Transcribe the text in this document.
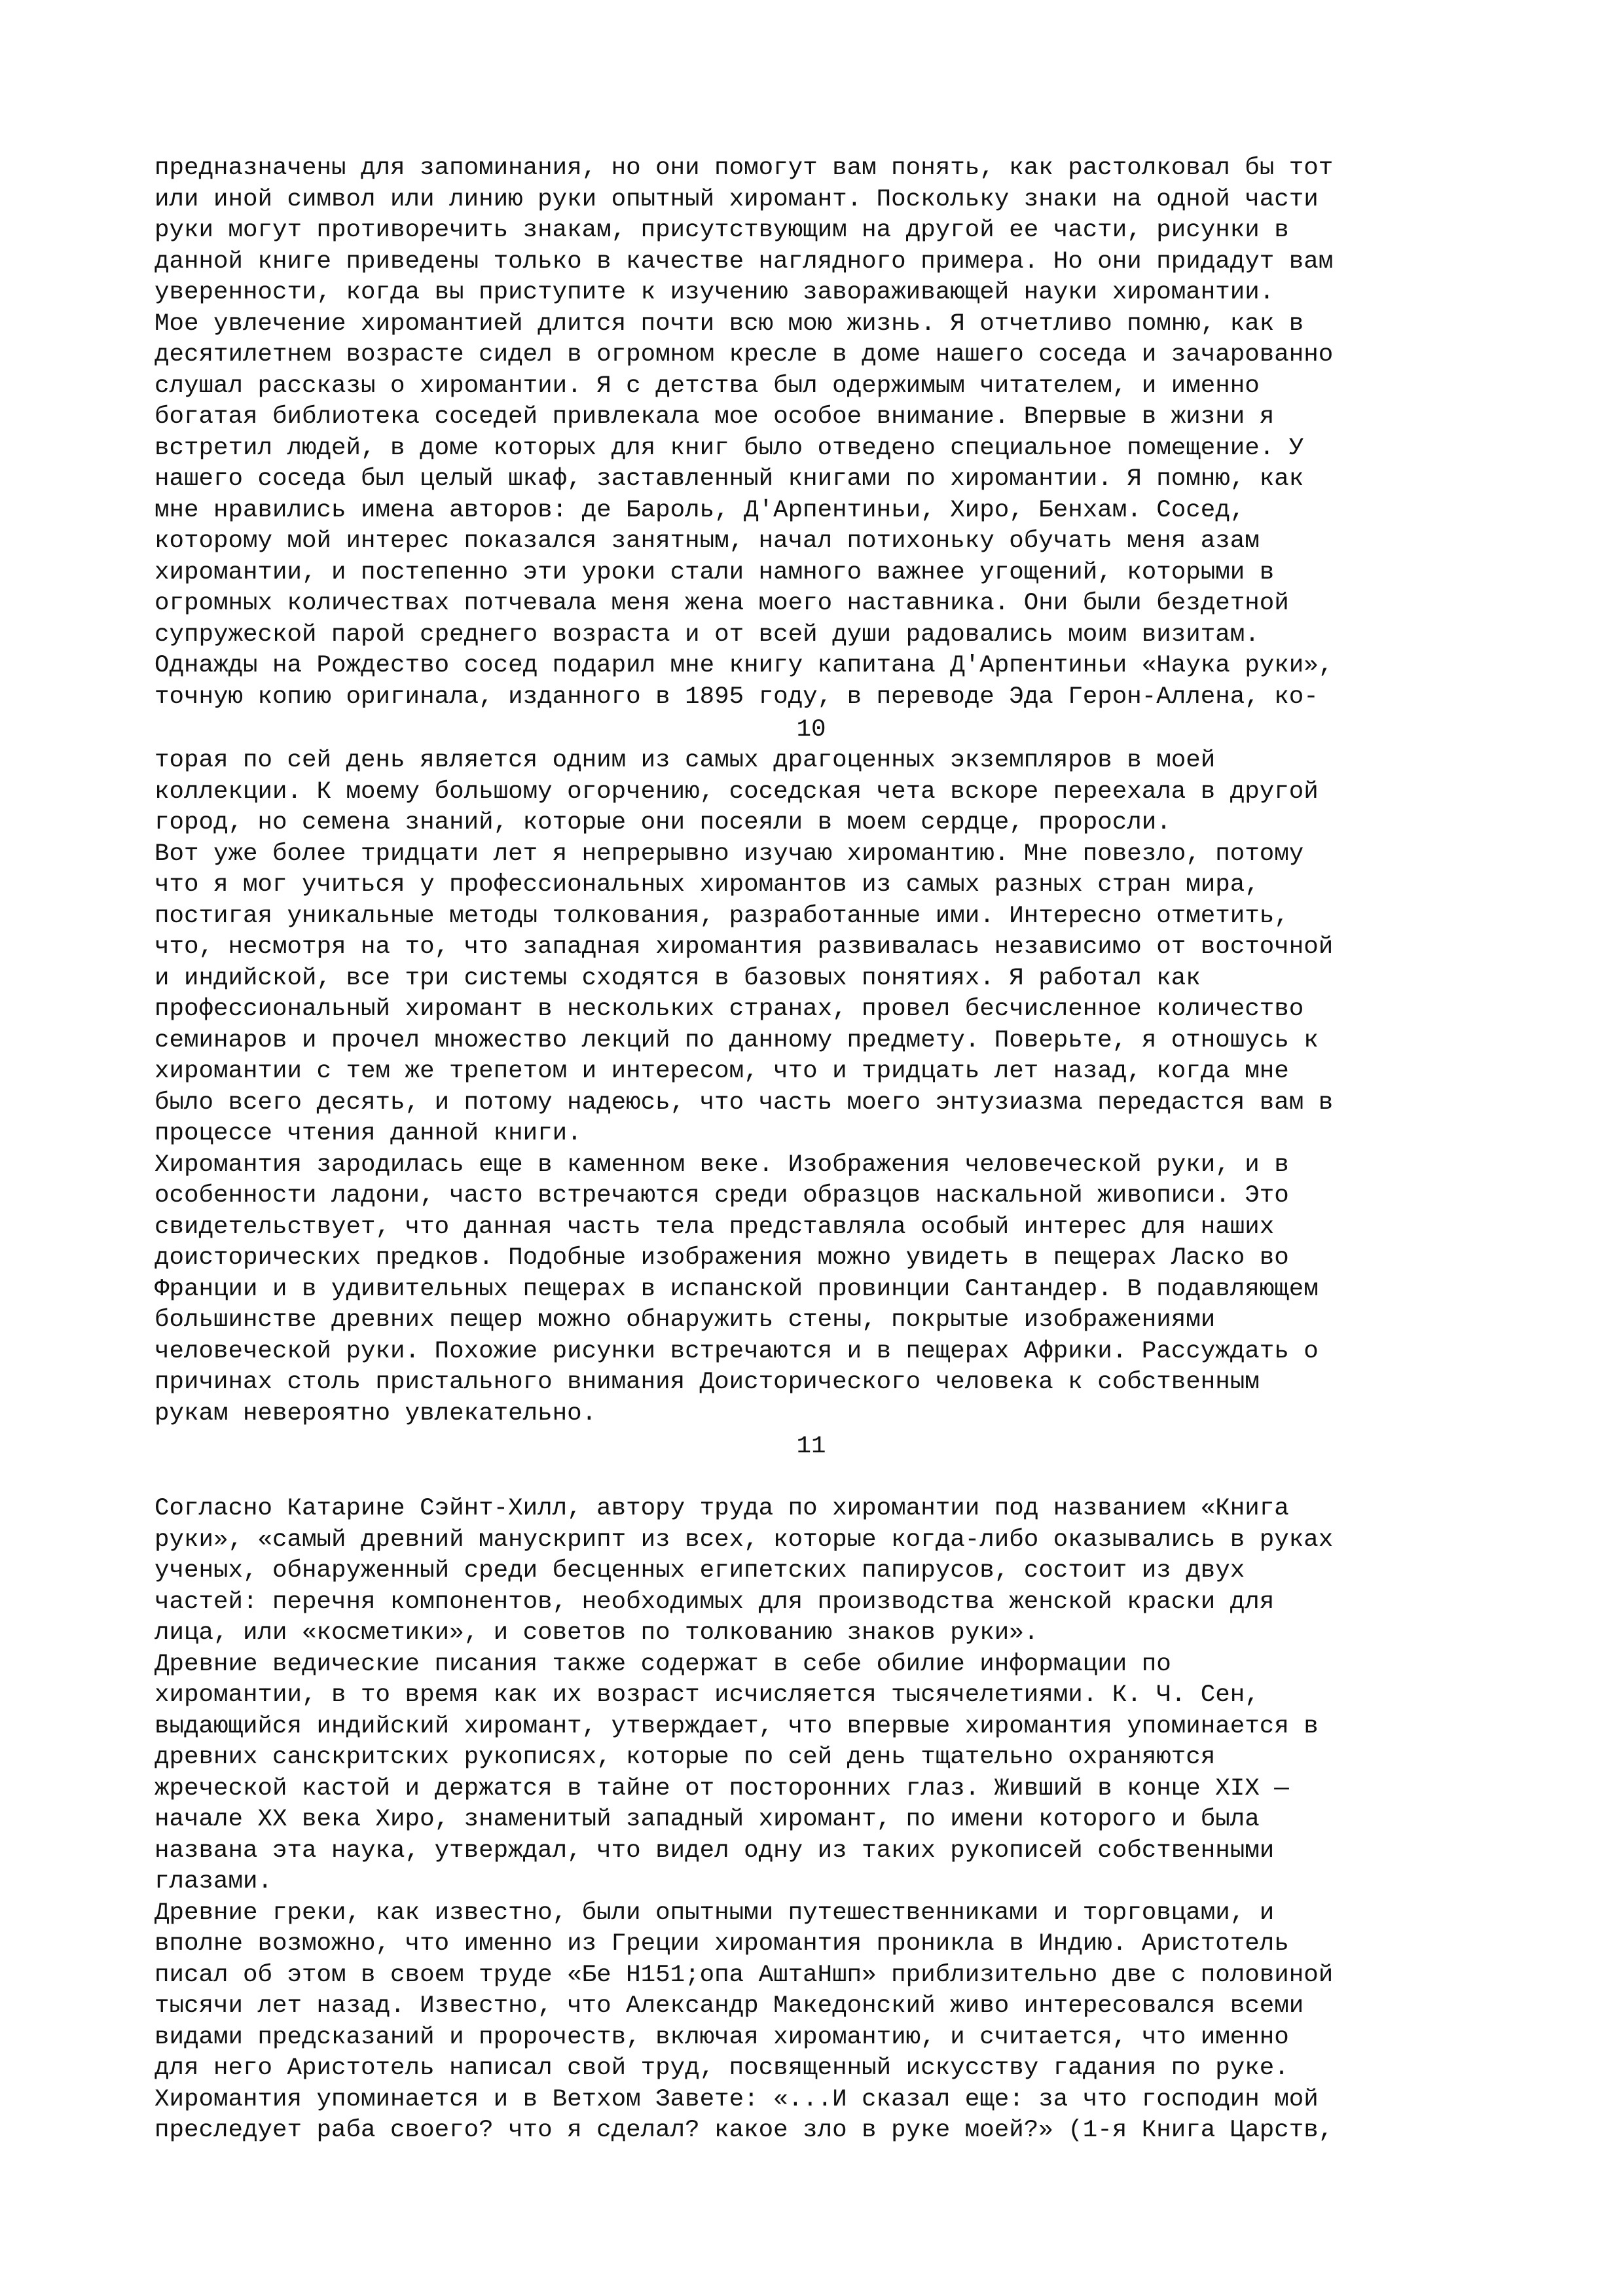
предназначены для запоминания, но они помогут вам понять, как растолковал бы тот
или иной символ или линию руки опытный хиромант. Поскольку знаки на одной части
руки могут противоречить знакам, присутствующим на другой ее части, рисунки в
данной книге приведены только в качестве наглядного примера. Но они придадут вам
уверенности, когда вы приступите к изучению завораживающей науки хиромантии.
Мое увлечение хиромантией длится почти всю мою жизнь. Я отчетливо помню, как в
десятилетнем возрасте сидел в огромном кресле в доме нашего соседа и зачарованно
слушал рассказы о хиромантии. Я с детства был одержимым читателем, и именно
богатая библиотека соседей привлекала мое особое внимание. Впервые в жизни я
встретил людей, в доме которых для книг было отведено специальное помещение. У
нашего соседа был целый шкаф, заставленный книгами по хиромантии. Я помню, как
мне нравились имена авторов: де Бароль, Д'Арпентиньи, Хиро, Бенхам. Сосед,
которому мой интерес показался занятным, начал потихоньку обучать меня азам
хиромантии, и постепенно эти уроки стали намного важнее угощений, которыми в
огромных количествах потчевала меня жена моего наставника. Они были бездетной
супружеской парой среднего возраста и от всей души радовались моим визитам.
Однажды на Рождество сосед подарил мне книгу капитана Д'Арпентиньи «Наука руки»,
точную копию оригинала, изданного в 1895 году, в переводе Эда Герон-Аллена, ко-

10

торая по сей день является одним из самых драгоценных экземпляров в моей
коллекции. К моему большому огорчению, соседская чета вскоре переехала в другой
город, но семена знаний, которые они посеяли в моем сердце, проросли.
Вот уже более тридцати лет я непрерывно изучаю хиромантию. Мне повезло, потому
что я мог учиться у профессиональных хиромантов из самых разных стран мира,
постигая уникальные методы толкования, разработанные ими. Интересно отметить,
что, несмотря на то, что западная хиромантия развивалась независимо от восточной
и индийской, все три системы сходятся в базовых понятиях. Я работал как
профессиональный хиромант в нескольких странах, провел бесчисленное количество
семинаров и прочел множество лекций по данному предмету. Поверьте, я отношусь к
хиромантии с тем же трепетом и интересом, что и тридцать лет назад, когда мне
было всего десять, и потому надеюсь, что часть моего энтузиазма передастся вам в
процессе чтения данной книги.
Хиромантия зародилась еще в каменном веке. Изображения человеческой руки, и в
особенности ладони, часто встречаются среди образцов наскальной живописи. Это
свидетельствует, что данная часть тела представляла особый интерес для наших
доисторических предков. Подобные изображения можно увидеть в пещерах Ласко во
Франции и в удивительных пещерах в испанской провинции Сантандер. В подавляющем
большинстве древних пещер можно обнаружить стены, покрытые изображениями
человеческой руки. Похожие рисунки встречаются и в пещерах Африки. Рассуждать о
причинах столь пристального внимания Доисторического человека к собственным
рукам невероятно увлекательно.

11

Согласно Катарине Сэйнт-Хилл, автору труда по хиромантии под названием «Книга
руки», «самый древний манускрипт из всех, которые когда-либо оказывались в руках
ученых, обнаруженный среди бесценных египетских папирусов, состоит из двух
частей: перечня компонентов, необходимых для производства женской краски для
лица, или «косметики», и советов по толкованию знаков руки».
Древние ведические писания также содержат в себе обилие информации по
хиромантии, в то время как их возраст исчисляется тысячелетиями. К. Ч. Сен,
выдающийся индийский хиромант, утверждает, что впервые хиромантия упоминается в
древних санскритских рукописях, которые по сей день тщательно охраняются
жреческой кастой и держатся в тайне от посторонних глаз. Живший в конце XIX —
начале XX века Хиро, знаменитый западный хиромант, по имени которого и была
названа эта наука, утверждал, что видел одну из таких рукописей собственными
глазами.
Древние греки, как известно, были опытными путешественниками и торговцами, и
вполне возможно, что именно из Греции хиромантия проникла в Индию. Аристотель
писал об этом в своем труде «Бе Н151;опа АштаНшп» приблизительно две с половиной
тысячи лет назад. Известно, что Александр Македонский живо интересовался всеми
видами предсказаний и пророчеств, включая хиромантию, и считается, что именно
для него Аристотель написал свой труд, посвященный искусству гадания по руке.
Хиромантия упоминается и в Ветхом Завете: «...И сказал еще: за что господин мой
преследует раба своего? что я сделал? какое зло в руке моей?» (1-я Книга Царств,
